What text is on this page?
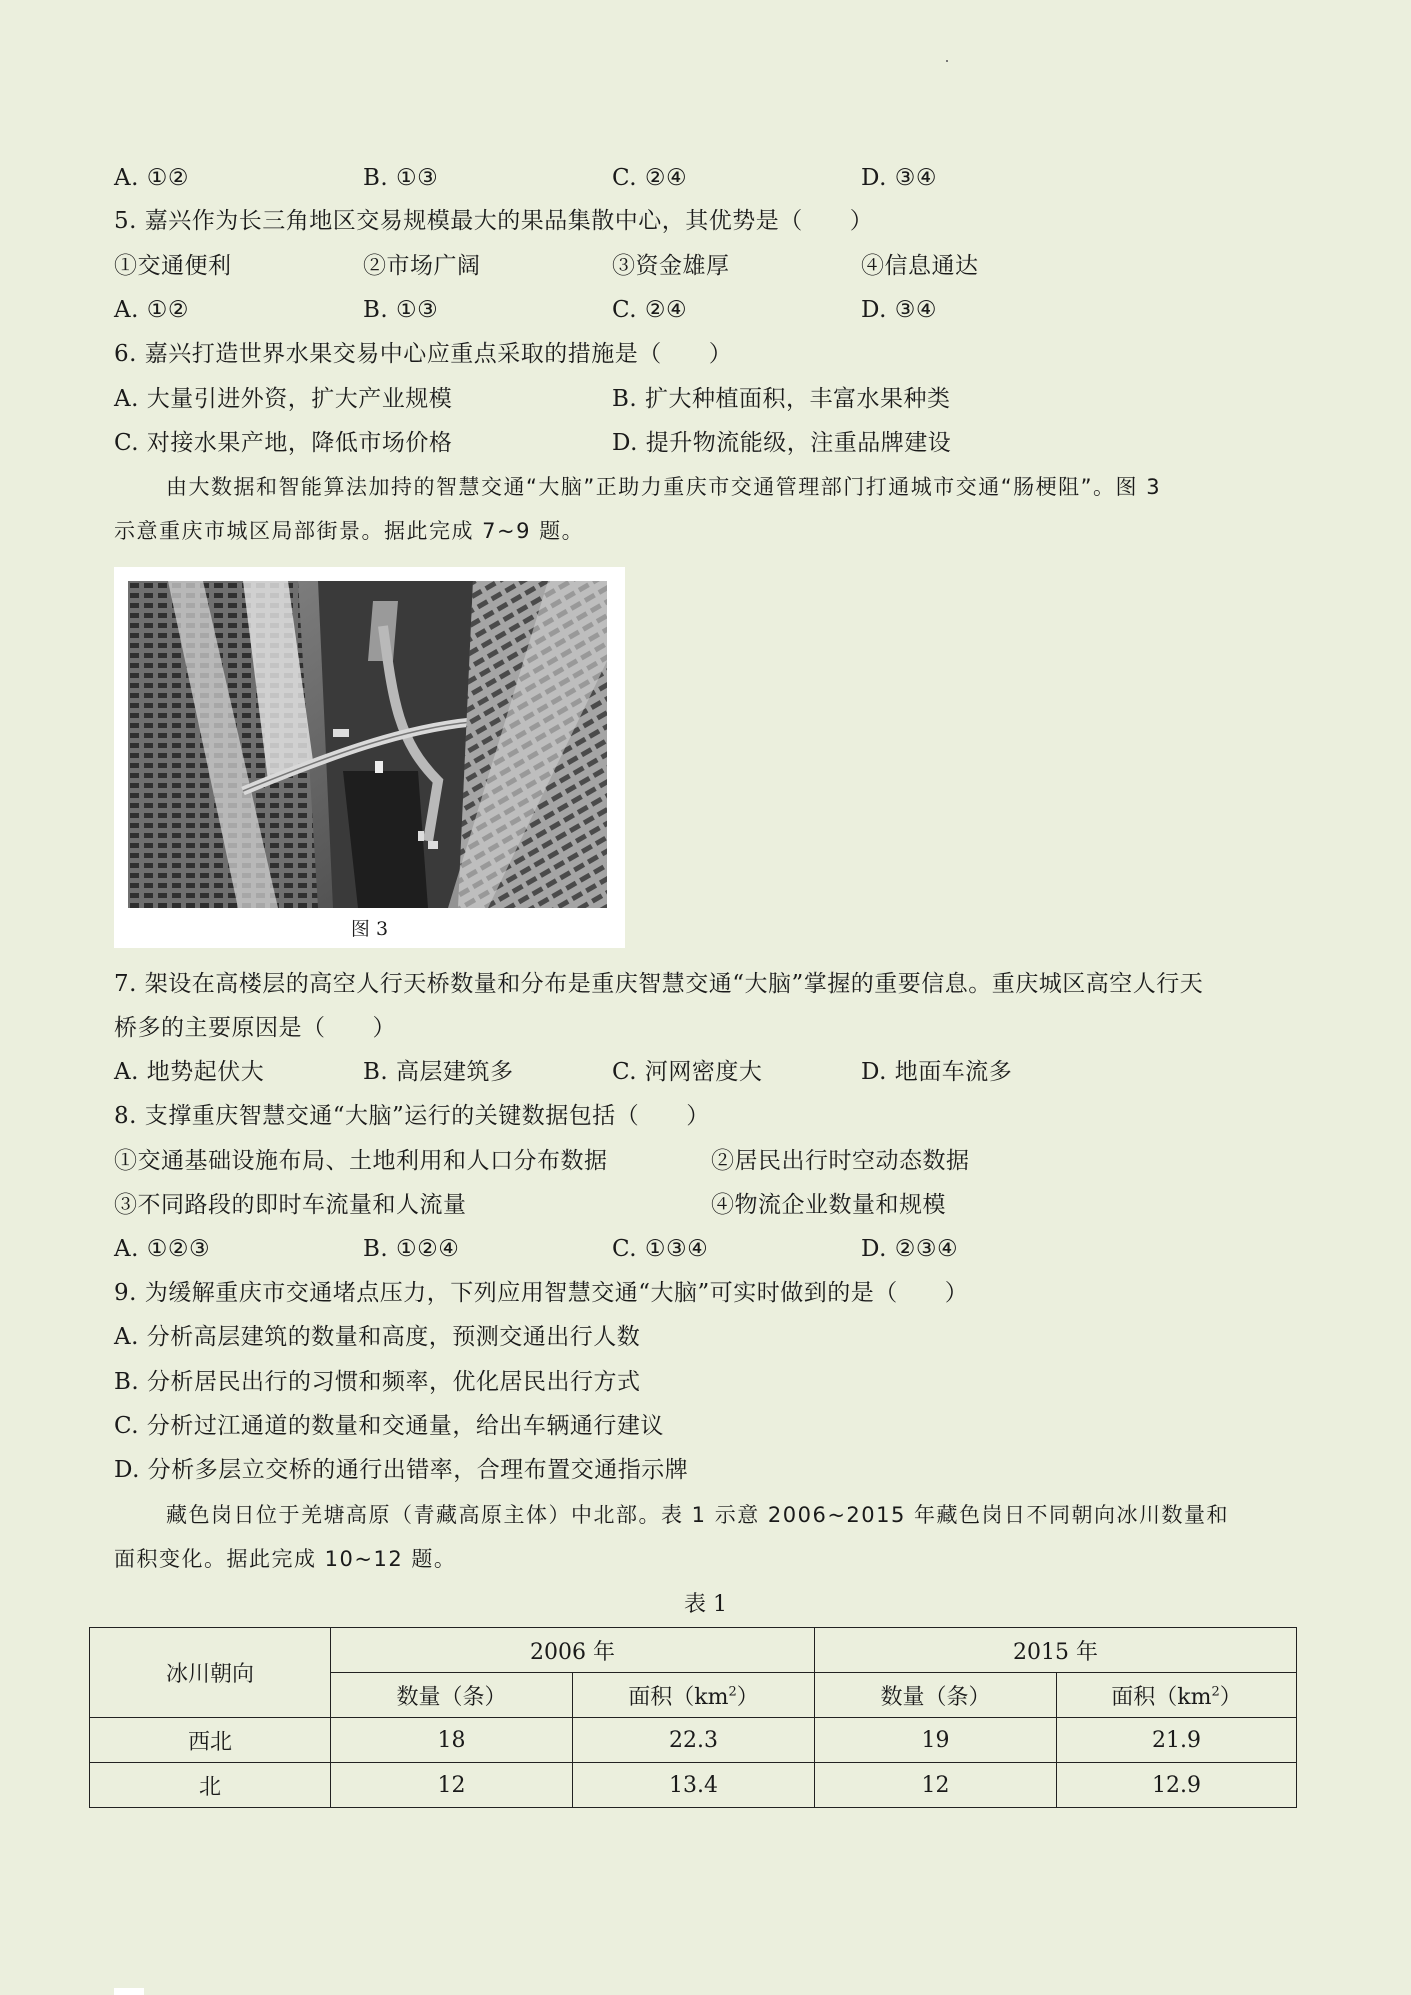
A. ①②	B. ①③	C. ②④	D. ③④
5. 嘉兴作为长三角地区交易规模最大的果品集散中心，其优势是（　　）
①交通便利	②市场广阔	③资金雄厚	④信息通达
A. ①②	B. ①③	C. ②④	D. ③④
6. 嘉兴打造世界水果交易中心应重点采取的措施是（　　）
A. 大量引进外资，扩大产业规模	B. 扩大种植面积，丰富水果种类
C. 对接水果产地，降低市场价格	D. 提升物流能级，注重品牌建设
由大数据和智能算法加持的智慧交通“大脑”正助力重庆市交通管理部门打通城市交通“肠梗阻”。图 3
示意重庆市城区局部街景。据此完成 7~9 题。
图 3
7. 架设在高楼层的高空人行天桥数量和分布是重庆智慧交通“大脑”掌握的重要信息。重庆城区高空人行天
桥多的主要原因是（　　）
A. 地势起伏大	B. 高层建筑多	C. 河网密度大	D. 地面车流多
8. 支撑重庆智慧交通“大脑”运行的关键数据包括（　　）
①交通基础设施布局、土地利用和人口分布数据	②居民出行时空动态数据
③不同路段的即时车流量和人流量	④物流企业数量和规模
A. ①②③	B. ①②④	C. ①③④	D. ②③④
9. 为缓解重庆市交通堵点压力，下列应用智慧交通“大脑”可实时做到的是（　　）
A. 分析高层建筑的数量和高度，预测交通出行人数
B. 分析居民出行的习惯和频率，优化居民出行方式
C. 分析过江通道的数量和交通量，给出车辆通行建议
D. 分析多层立交桥的通行出错率，合理布置交通指示牌
藏色岗日位于羌塘高原（青藏高原主体）中北部。表 1 示意 2006~2015 年藏色岗日不同朝向冰川数量和
面积变化。据此完成 10~12 题。
表 1
冰川朝向	2006 年		2015 年	
	数量（条）	面积$(km^2)$	数量（条）	面积$(km^2)$
西北	18	22.3	19	21.9
北	12	13.4	12	12.9
